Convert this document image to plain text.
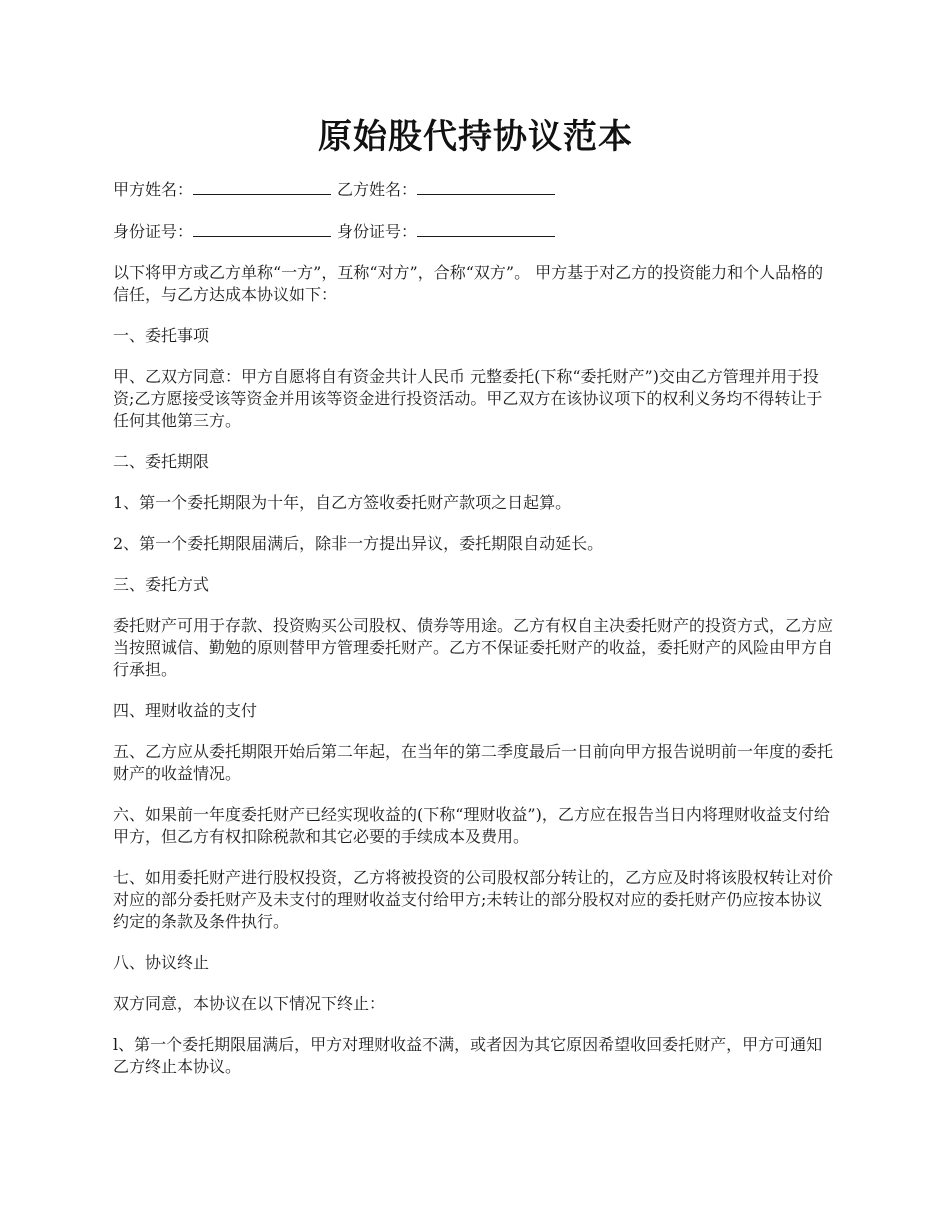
原始股代持协议范本

甲方姓名：	乙方姓名：

身份证号：	身份证号：

以下将甲方或乙方单称“一方”，互称“对方”，合称“双方”。 甲方基于对乙方的投资能力和个人品格的信任，与乙方达成本协议如下：

一、委托事项

甲、乙双方同意：甲方自愿将自有资金共计人民币 元整委托(下称“委托财产”)交由乙方管理并用于投资;乙方愿接受该等资金并用该等资金进行投资活动。甲乙双方在该协议项下的权利义务均不得转让于任何其他第三方。

二、委托期限

1、第一个委托期限为十年，自乙方签收委托财产款项之日起算。

2、第一个委托期限届满后，除非一方提出异议，委托期限自动延长。

三、委托方式

委托财产可用于存款、投资购买公司股权、债券等用途。乙方有权自主决委托财产的投资方式，乙方应当按照诚信、勤勉的原则替甲方管理委托财产。乙方不保证委托财产的收益，委托财产的风险由甲方自行承担。

四、理财收益的支付

五、乙方应从委托期限开始后第二年起，在当年的第二季度最后一日前向甲方报告说明前一年度的委托财产的收益情况。

六、如果前一年度委托财产已经实现收益的(下称“理财收益”)，乙方应在报告当日内将理财收益支付给甲方，但乙方有权扣除税款和其它必要的手续成本及费用。

七、如用委托财产进行股权投资，乙方将被投资的公司股权部分转让的，乙方应及时将该股权转让对价对应的部分委托财产及未支付的理财收益支付给甲方;未转让的部分股权对应的委托财产仍应按本协议约定的条款及条件执行。

八、协议终止

双方同意，本协议在以下情况下终止：

l、第一个委托期限届满后，甲方对理财收益不满，或者因为其它原因希望收回委托财产，甲方可通知乙方终止本协议。
